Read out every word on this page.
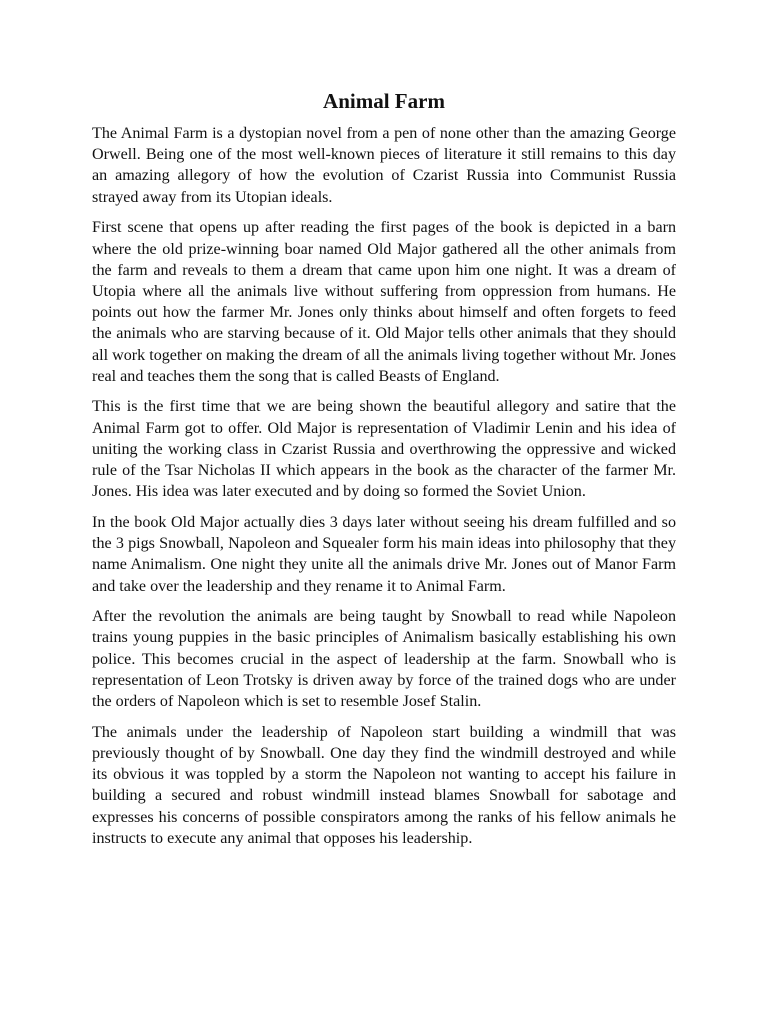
Animal Farm

The Animal Farm is a dystopian novel from a pen of none other than the amazing George Orwell. Being one of the most well-known pieces of literature it still remains to this day an amazing allegory of how the evolution of Czarist Russia into Communist Russia strayed away from its Utopian ideals.

First scene that opens up after reading the first pages of the book is depicted in a barn where the old prize-winning boar named Old Major gathered all the other animals from the farm and reveals to them a dream that came upon him one night. It was a dream of Utopia where all the animals live without suffering from oppression from humans. He points out how the farmer Mr. Jones only thinks about himself and often forgets to feed the animals who are starving because of it. Old Major tells other animals that they should all work together on making the dream of all the animals living together without Mr. Jones real and teaches them the song that is called Beasts of England.

This is the first time that we are being shown the beautiful allegory and satire that the Animal Farm got to offer. Old Major is representation of Vladimir Lenin and his idea of uniting the working class in Czarist Russia and overthrowing the oppressive and wicked rule of the Tsar Nicholas II which appears in the book as the character of the farmer Mr. Jones. His idea was later executed and by doing so formed the Soviet Union.

In the book Old Major actually dies 3 days later without seeing his dream fulfilled and so the 3 pigs Snowball, Napoleon and Squealer form his main ideas into philosophy that they name Animalism. One night they unite all the animals drive Mr. Jones out of Manor Farm and take over the leadership and they rename it to Animal Farm.

After the revolution the animals are being taught by Snowball to read while Napoleon trains young puppies in the basic principles of Animalism basically establishing his own police. This becomes crucial in the aspect of leadership at the farm. Snowball who is representation of Leon Trotsky is driven away by force of the trained dogs who are under the orders of Napoleon which is set to resemble Josef Stalin.

The animals under the leadership of Napoleon start building a windmill that was previously thought of by Snowball. One day they find the windmill destroyed and while its obvious it was toppled by a storm the Napoleon not wanting to accept his failure in building a secured and robust windmill instead blames Snowball for sabotage and expresses his concerns of possible conspirators among the ranks of his fellow animals he instructs to execute any animal that opposes his leadership.
